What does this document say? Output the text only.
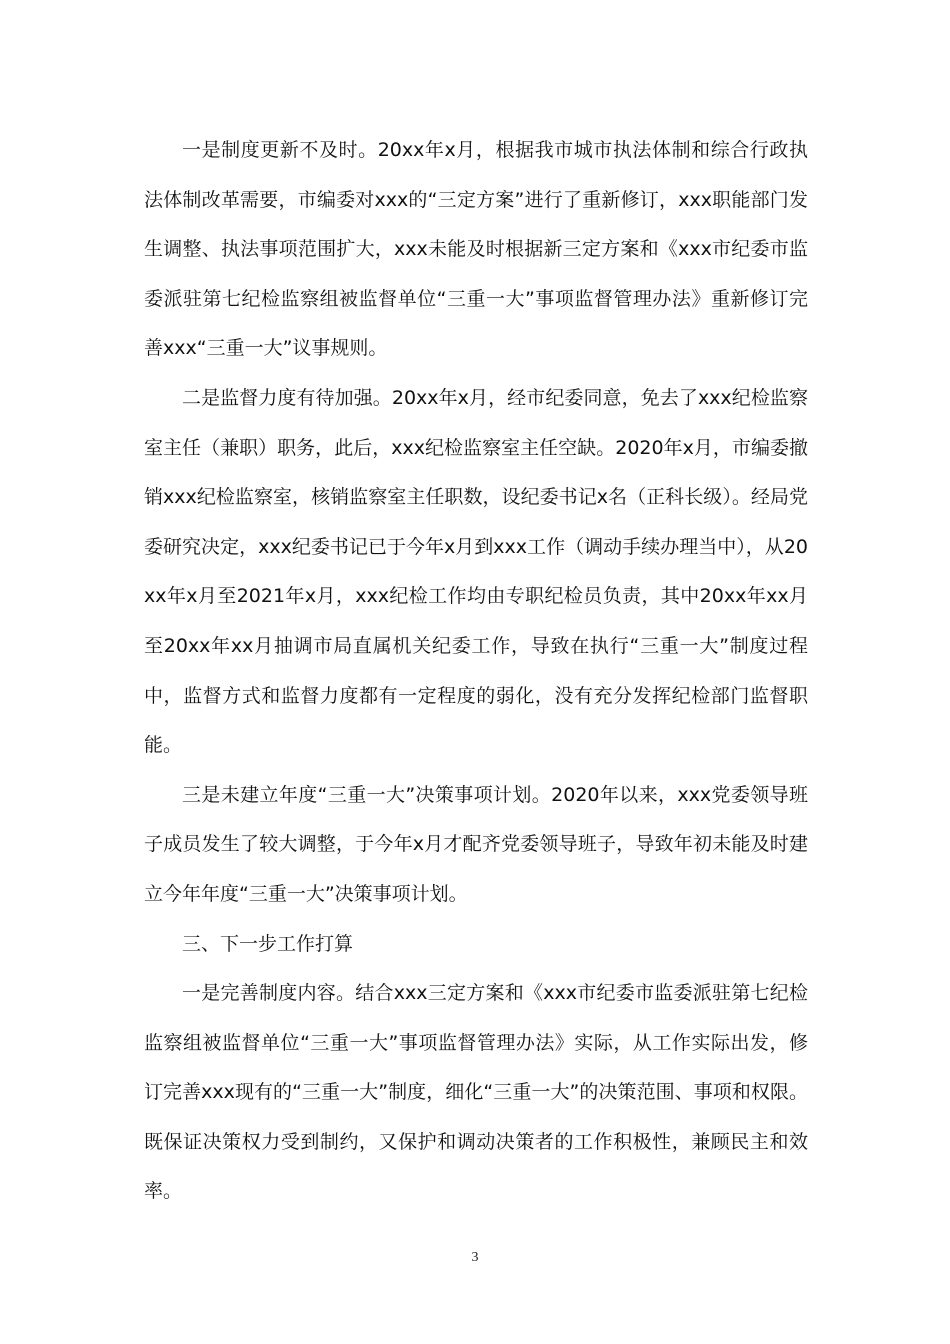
一是制度更新不及时。20xx年x月，根据我市城市执法体制和综合行政执法体制改革需要，市编委对xxx的“三定方案”进行了重新修订，xxx职能部门发生调整、执法事项范围扩大，xxx未能及时根据新三定方案和《xxx市纪委市监委派驻第七纪检监察组被监督单位“三重一大”事项监督管理办法》重新修订完善xxx“三重一大”议事规则。

二是监督力度有待加强。20xx年x月，经市纪委同意，免去了xxx纪检监察室主任（兼职）职务，此后，xxx纪检监察室主任空缺。2020年x月，市编委撤销xxx纪检监察室，核销监察室主任职数，设纪委书记x名（正科长级）。经局党委研究决定，xxx纪委书记已于今年x月到xxx工作（调动手续办理当中），从20xx年x月至2021年x月，xxx纪检工作均由专职纪检员负责，其中20xx年xx月至20xx年xx月抽调市局直属机关纪委工作，导致在执行“三重一大”制度过程中，监督方式和监督力度都有一定程度的弱化，没有充分发挥纪检部门监督职能。

三是未建立年度“三重一大”决策事项计划。2020年以来，xxx党委领导班子成员发生了较大调整，于今年x月才配齐党委领导班子，导致年初未能及时建立今年年度“三重一大”决策事项计划。

三、下一步工作打算

一是完善制度内容。结合xxx三定方案和《xxx市纪委市监委派驻第七纪检监察组被监督单位“三重一大”事项监督管理办法》实际，从工作实际出发，修订完善xxx现有的“三重一大”制度，细化“三重一大”的决策范围、事项和权限。既保证决策权力受到制约，又保护和调动决策者的工作积极性，兼顾民主和效率。

3
